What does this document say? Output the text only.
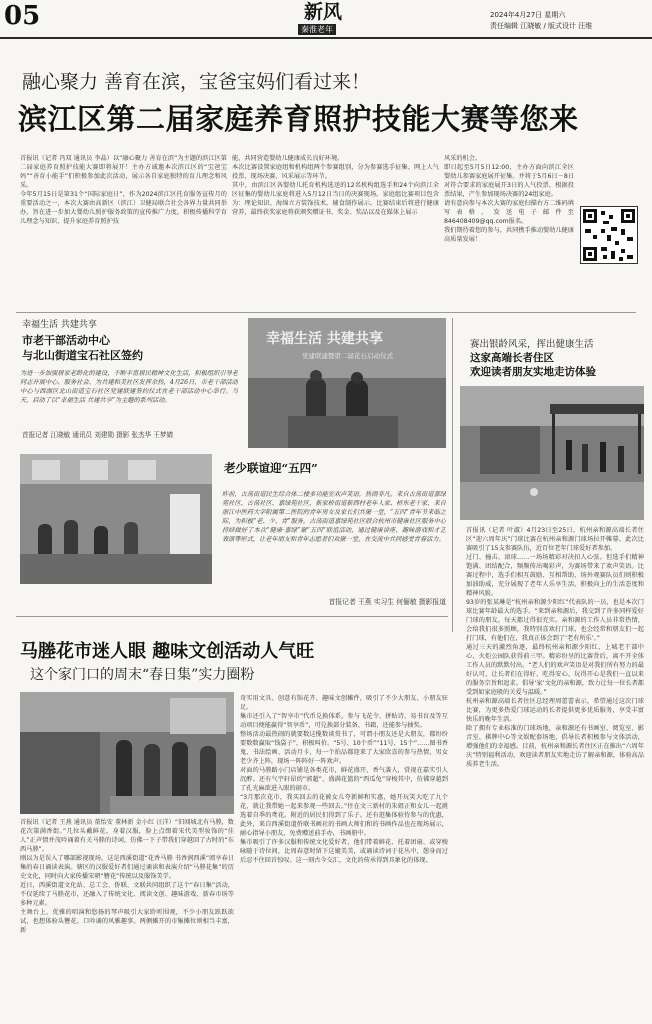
05	新风
秦淮老年
2024年4月27日 星期六
责任编辑 江晓敏 / 版式设计 汪维
融心聚力 善育在滨，宝爸宝妈们看过来！
滨江区第二届家庭养育照护技能大赛等您来
首报讯（记者 冯双 通讯员 李晶）以“融心聚力 善育在滨”为主题的滨江区第二届家庭养育照护技能大赛即将展开！主办方诚邀本次滨江区的“宝爸宝妈”“善育小能手”们积极参加此次活动，展示各自家庭独特的育儿理念和风采。
今年5月15日是第31个“国际家庭日”，作为2024滨江区托育服务宣传月的重要活动之一，本次大赛由高新区（滨江）卫健局联合社会各界力量共同举办，旨在进一步加大婴幼儿照护服务政策的宣传推广力度，积极传播科学育儿理念与知识，提升家庭养育照护技
能，共同营造婴幼儿健康成长良好环境。
本次比赛设置家庭组和机构组两个参赛组别，分为参赛选手征集、网上人气投票、现场决赛、风采展示等环节。
其中，由滨江区各婴幼儿托育机构选送的12名机构组选手和24个向滨江全区征集的婴幼儿家庭将进入5月12日当日的决赛现场。家庭组比赛项目包含为：理论知识、海绵立方装饰技术、辅食制作展示。比赛结束后将进行健康营养，最终获奖家庭将获颁奖赠证书、奖金、奖品以及在媒体上展示
风采的机会。
即日起至5月5日12:00，主办方面向滨江全区婴幼儿参赛家庭展开征集。并将于5月6日－8日对符合要求的家庭展开3日的人气投票，根据投票结果，产生参加现场决赛的24组家庭。
请有意向参与本次大赛的家庭扫描右方二维码填写表格，发送电子邮件至846408409@qq.com报名。
我们期待着您的参与，共同携手推动婴幼儿健康高质量发展！
幸福生活 共建共享
市老干部活动中心
与北山街道宝石社区签约
为进一步加强居家老龄化的建设，不断丰富居民精神文化生活，积极组织引导老同志开展中心、服务社会、为共建和美社区发挥余热，4月26日，市老干部活动中心与西湖区北山街道宝石社区党建联建签约仪式在老干部活动中心举行。当天，启动了以“幸福生活 共建共享”为主题的系列活动。
首报记者 江晓敏 通讯员 刘建勋 摄影 张杰华 王梦婧
幸福生活 共建共享
党建联建暨第二届花石启动仪式
赛出银龄风采，挥出健康生活
这家高端长者住区
欢迎读者朋友实地走访体验
首报讯（记者 叶淑）4月23日至25日，杭州亲和源高端长者住区“迎六周年庆”门球比赛在杭州亲和源门球场拉开帷幕。此次比赛吸引了15支参赛队伍，近百位老年门球爱好者参加。
过门、撞击、滚球……一场场精彩对决扣人心弦。但选手们精神饱满、团结配合，频频传出喝彩声，为赛场带来了欢声笑语。比赛过程中，选手们相互鼓励、互相帮助，场外观赛队员们则积极加油助威，充分展现了老年人乐享生活、积极向上的生活态度和精神风貌。
93岁的张某琳是“杭州亲和源少阳红”代表队的一员，也是本次门球比赛年龄最大的选手。“来到亲和源后，我交到了许多同样爱好门球的朋友，每天都过得很充实。亲和源的工作人员非常热情，会给我们很多照顾，我特别喜欢打门球，也会经常和朋友们一起打门球，有他们在，我真正体会到了‘老有所乐’。”
通过三天的激烈角逐，最终杭州亲和源少阳红、上城老干部中心、火炬公园队获得前三甲。精彩纷呈的比赛背后，离不开全体工作人员的默默付出。“老人们的欢声笑语是对我们所有努力的最好认可，让长者们在得好、吃得安心、玩得开心是我们一直以来的服务宗旨和追求。倡导‘家’文化的亲和源，致力让每一位长者都受到如家庭般的关爱与温暖。”
杭州亲和源高端长者住区总经理周蕾蕾表示，希望通过这次门球比赛，为更多热爱门球运动的长者提供更多优质服务，享受丰富快乐的晚年生活。
除了拥有专业标准的门球场地，亲和源还有书画室、阅览室、影音室、棋牌中心等文娱配套场地，倡导长者积极参与文体活动，增强他们的幸福感。目前，杭州亲和源长者住区正在推出“六周年庆”特别福利活动，欢迎读者朋友实地走访了解亲和源，体验高品质养老生活。
老少联谊迎“五四”
昨前，古荡街道民生综合体二楼多功能室欢声笑语，热闹非凡。来自古荡街道嘉绿苑社区、古荡社区、嘉绿苑社区，新家桥街道新西村老年人家、桥东老干家、来自浙江中医药大学附属第二医院的青年男女及家长们共聚一堂，“五四”青年节来临之际，为积极“老、少、青”服务，古荡街道嘉绿苑社区联合杭州市健康社区服务中心持续做好了本次“健康·嘉绿”聚“五四”联谊活动，通过健康讲座、趣味游戏和才艺表演等形式，让老年朋友和青年志愿者们欢聚一堂，在交流中共同感受青春活力。
首报记者 王燕 实习生 何俪敏 摄影报道
马塍花市迷人眼 趣味文创活动人气旺
这个家门口的周末“春日集”实力圈粉
首报讯（记者 王燕 通讯员 董怡安 董林新 金小红 汪洋）“旧闻城北有马塍，数花次第满香街。”几位头戴鲜花、身着汉服，脸上点缀着宋代美型妆饰的“佳人”正声情并茂吟诵着有关马塍的诗词，仿佛一下子带我们穿越回了古时的“东西马塍”。
刚以为是误入了哪部影视现场，这是西溪街道“花香马塍 书香润西溪”阅享春日集的春日诵读表演。辖区的汉服爱好者们通过诵读和表演介绍“马塍花集”的历史文化，同时向大家传播宋朝“簪花”传统以及服饰美学。
近日，西溪街道文化站、总工会、侨联、文联共同组织了这个“春日集”活动，不仅延续了马塍花市，还融入了传统文化、阅读文创、趣味游戏、新春市场等多种元素。
主舞台上，优雅的唱演和悠扬的琴声吸引大家聆听围观，不少小朋友跃跃欲试，也想体验头簪花、口吟诵的风雅趣事。两侧摊开的市集摊位则相当丰富，新
奇实用文具、创意有饰花卉、趣味文创摊件，吸引了不少大朋友、小朋友驻足。
集市还引入了“智享市”代币兑换体系，参与飞花令、拼贴诗、易书盲及等互动项目便能赢得“智享币”，可兑换部分装备、书籍，还能参与抽奖。
整场活动最热闹的就要数这揽数谈赏书了，可谓小朋友还是大朋友，都纷纷要数数赢取“钱袋子”，积极叫价。“5号、10个币”“11号、15个”……图书香鬼、书法绘画、活动月卡，每一个拍品都迎来了大家欣喜的参与热情，男女老少齐上阵，现场一阵阵好一阵欢声。
对面的马塍路小门店铺是各类花市，鲜花盛开，香气袭人，赏视在嘉实引人沉醉。还有气宇轩昂的“郭超”、盛满花篮的“西瓜兔”穿梭其中，仿佛穿越到了孔光麻欲进入眼的闹市。
“3月那次花市，我买回去的花被女儿夸新鲜和实惠，她开玩笑大吃了九个花，就让我带她一起来参观一些回去。”住在文三新村的朱姐正和女儿一起挑选着自季的鸢花。附近的居民们得到了乐子。还有逛集体验待参与的优惠，此外，来自西溪街道侨联书画社的书画大师们和的书画作品也在现场展示，耐心指导小朋友，免费赠送前手办，书画册中。
集市吸引了许多汉服和传统文化爱好者，他们带着鲜花、托着团扇、或穿梭咏随于诗位间，比周春意时留下这媲美美，或诵读诗词于花丛中，憩身而过后忍不住回首惊叹。这一刻古今交汇，文化的传承得到具象化的体现。
